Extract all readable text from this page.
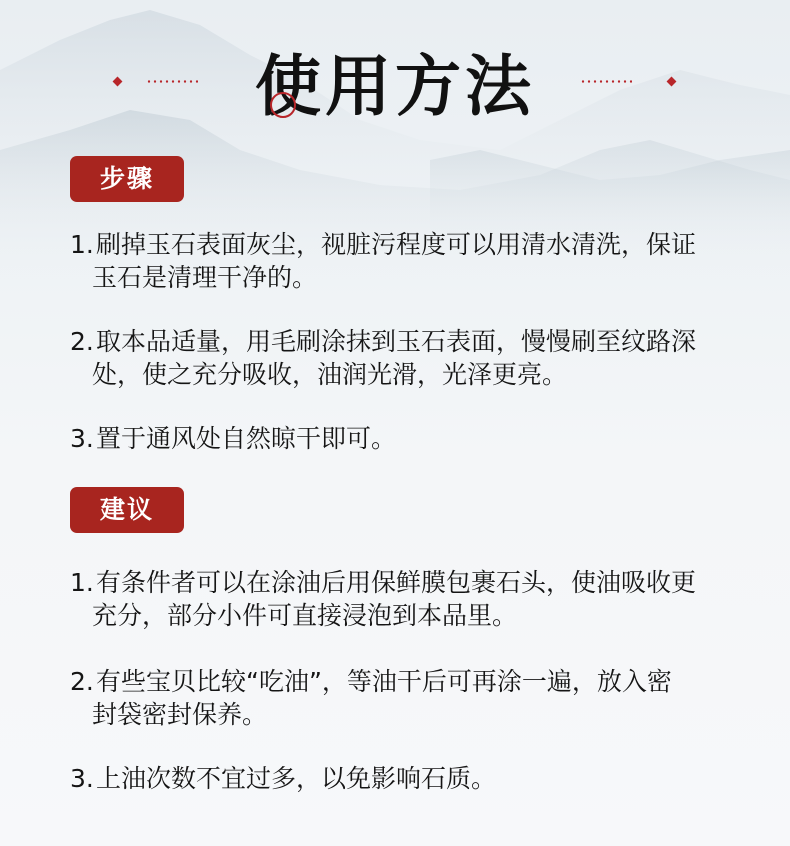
使用方法
步骤
1.刷掉玉石表面灰尘，视脏污程度可以用清水清洗，保证
玉石是清理干净的。
2.取本品适量，用毛刷涂抹到玉石表面，慢慢刷至纹路深
处，使之充分吸收，油润光滑，光泽更亮。
3.置于通风处自然晾干即可。
建议
1.有条件者可以在涂油后用保鲜膜包裹石头，使油吸收更
充分，部分小件可直接浸泡到本品里。
2.有些宝贝比较“吃油”，等油干后可再涂一遍，放入密
封袋密封保养。
3.上油次数不宜过多，以免影响石质。
